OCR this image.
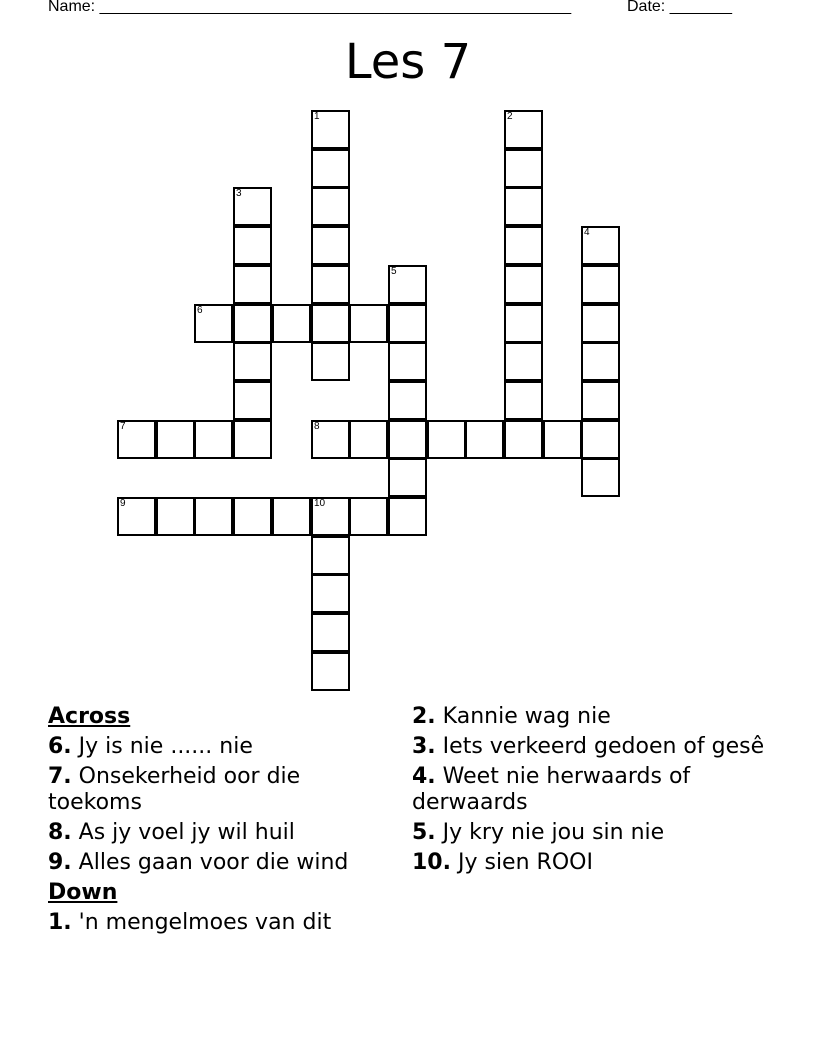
Name: _____________________________________________________	Date: _______
Les 7
1	2
3
4
5
6
7	8
9	10
Across
6. Jy is nie ...... nie
7. Onsekerheid oor die toekoms
8. As jy voel jy wil huil
9. Alles gaan voor die wind
Down
1. 'n mengelmoes van dit
2. Kannie wag nie
3. Iets verkeerd gedoen of gesê
4. Weet nie herwaards of derwaards
5. Jy kry nie jou sin nie
10. Jy sien ROOI
